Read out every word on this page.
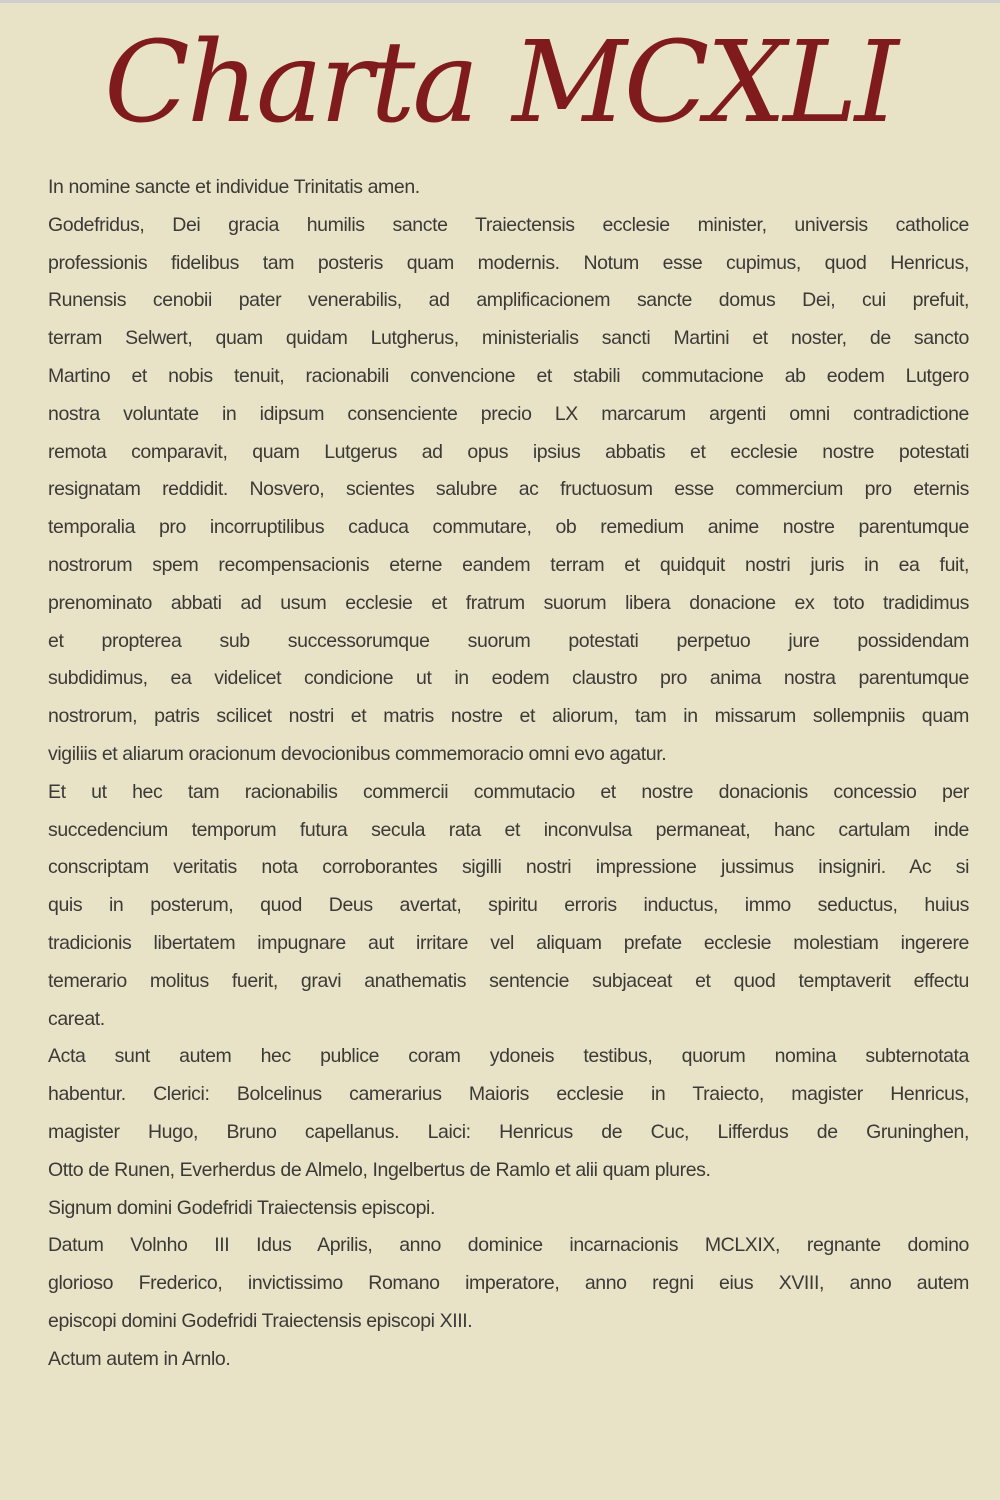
Charta MCXLI
In nomine sancte et individue Trinitatis amen.
Godefridus, Dei gracia humilis sancte Traiectensis ecclesie minister, universis catholice
professionis fidelibus tam posteris quam modernis. Notum esse cupimus, quod Henricus,
Runensis cenobii pater venerabilis, ad amplificacionem sancte domus Dei, cui prefuit,
terram Selwert, quam quidam Lutgherus, ministerialis sancti Martini et noster, de sancto
Martino et nobis tenuit, racionabili convencione et stabili commutacione ab eodem Lutgero
nostra voluntate in idipsum consenciente precio LX marcarum argenti omni contradictione
remota comparavit, quam Lutgerus ad opus ipsius abbatis et ecclesie nostre potestati
resignatam reddidit. Nosvero, scientes salubre ac fructuosum esse commercium pro eternis
temporalia pro incorruptilibus caduca commutare, ob remedium anime nostre parentumque
nostrorum spem recompensacionis eterne eandem terram et quidquit nostri juris in ea fuit,
prenominato abbati ad usum ecclesie et fratrum suorum libera donacione ex toto tradidimus
et propterea sub successorumque suorum potestati perpetuo jure possidendam
subdidimus, ea videlicet condicione ut in eodem claustro pro anima nostra parentumque
nostrorum, patris scilicet nostri et matris nostre et aliorum, tam in missarum sollempniis quam
vigiliis et aliarum oracionum devocionibus commemoracio omni evo agatur.
Et ut hec tam racionabilis commercii commutacio et nostre donacionis concessio per
succedencium temporum futura secula rata et inconvulsa permaneat, hanc cartulam inde
conscriptam veritatis nota corroborantes sigilli nostri impressione jussimus insigniri. Ac si
quis in posterum, quod Deus avertat, spiritu erroris inductus, immo seductus, huius
tradicionis libertatem impugnare aut irritare vel aliquam prefate ecclesie molestiam ingerere
temerario molitus fuerit, gravi anathematis sentencie subjaceat et quod temptaverit effectu
careat.
Acta sunt autem hec publice coram ydoneis testibus, quorum nomina subternotata
habentur. Clerici: Bolcelinus camerarius Maioris ecclesie in Traiecto, magister Henricus,
magister Hugo, Bruno capellanus. Laici: Henricus de Cuc, Lifferdus de Gruninghen,
Otto de Runen, Everherdus de Almelo, Ingelbertus de Ramlo et alii quam plures.
Signum domini Godefridi Traiectensis episcopi.
Datum Volnho III Idus Aprilis, anno dominice incarnacionis MCLXIX, regnante domino
glorioso Frederico, invictissimo Romano imperatore, anno regni eius XVIII, anno autem
episcopi domini Godefridi Traiectensis episcopi XIII.
Actum autem in Arnlo.
